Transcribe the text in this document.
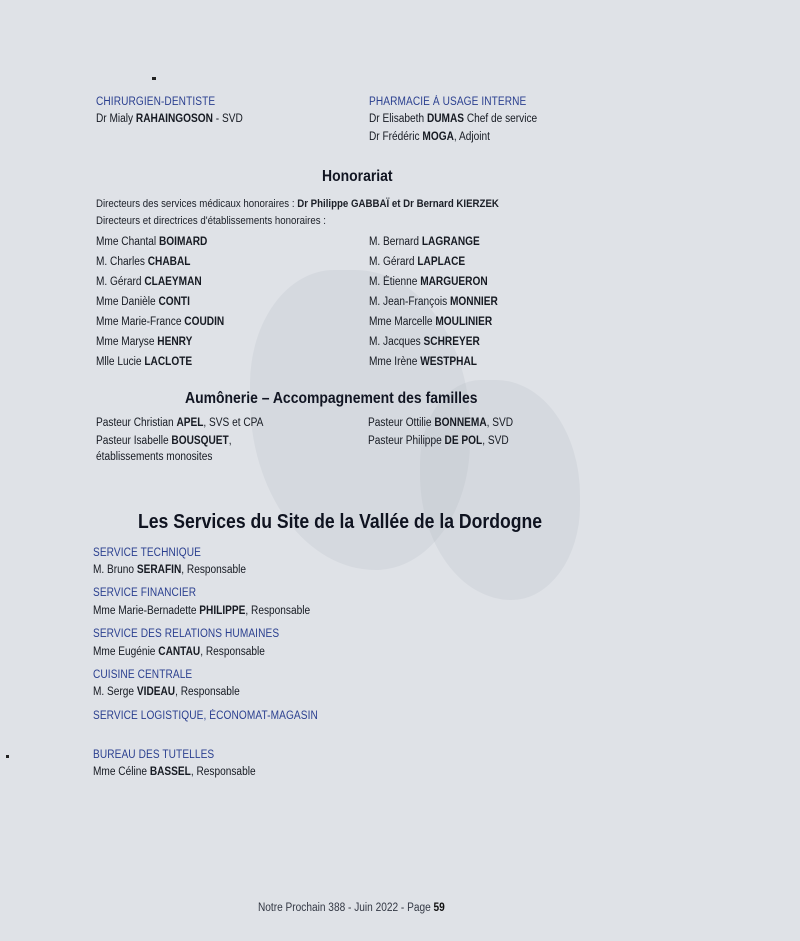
CHIRURGIEN-DENTISTE
Dr Mialy RAHAINGOSON - SVD
PHARMACIE À USAGE INTERNE
Dr Elisabeth DUMAS Chef de service
Dr Frédéric MOGA, Adjoint
Honorariat
Directeurs des services médicaux honoraires : Dr Philippe GABBAÏ et Dr Bernard KIERZEK
Directeurs et directrices d'établissements honoraires :
Mme Chantal BOIMARD
M. Charles CHABAL
M. Gérard CLAEYMAN
Mme Danièle CONTI
Mme Marie-France COUDIN
Mme Maryse HENRY
Mlle Lucie LACLOTE
M. Bernard LAGRANGE
M. Gérard LAPLACE
M. Étienne MARGUERON
M. Jean-François MONNIER
Mme Marcelle MOULINIER
M. Jacques SCHREYER
Mme Irène WESTPHAL
Aumônerie – Accompagnement des familles
Pasteur Christian APEL, SVS et CPA
Pasteur Isabelle BOUSQUET,
établissements monosites
Pasteur Ottilie BONNEMA, SVD
Pasteur Philippe DE POL, SVD
Les Services du Site de la Vallée de la Dordogne
SERVICE TECHNIQUE
M. Bruno SERAFIN, Responsable
SERVICE FINANCIER
Mme Marie-Bernadette PHILIPPE, Responsable
SERVICE DES RELATIONS HUMAINES
Mme Eugénie CANTAU, Responsable
CUISINE CENTRALE
M. Serge VIDEAU, Responsable
SERVICE LOGISTIQUE, ÉCONOMAT-MAGASIN
BUREAU DES TUTELLES
Mme Céline BASSEL, Responsable
Notre Prochain 388 - Juin 2022 - Page 59
